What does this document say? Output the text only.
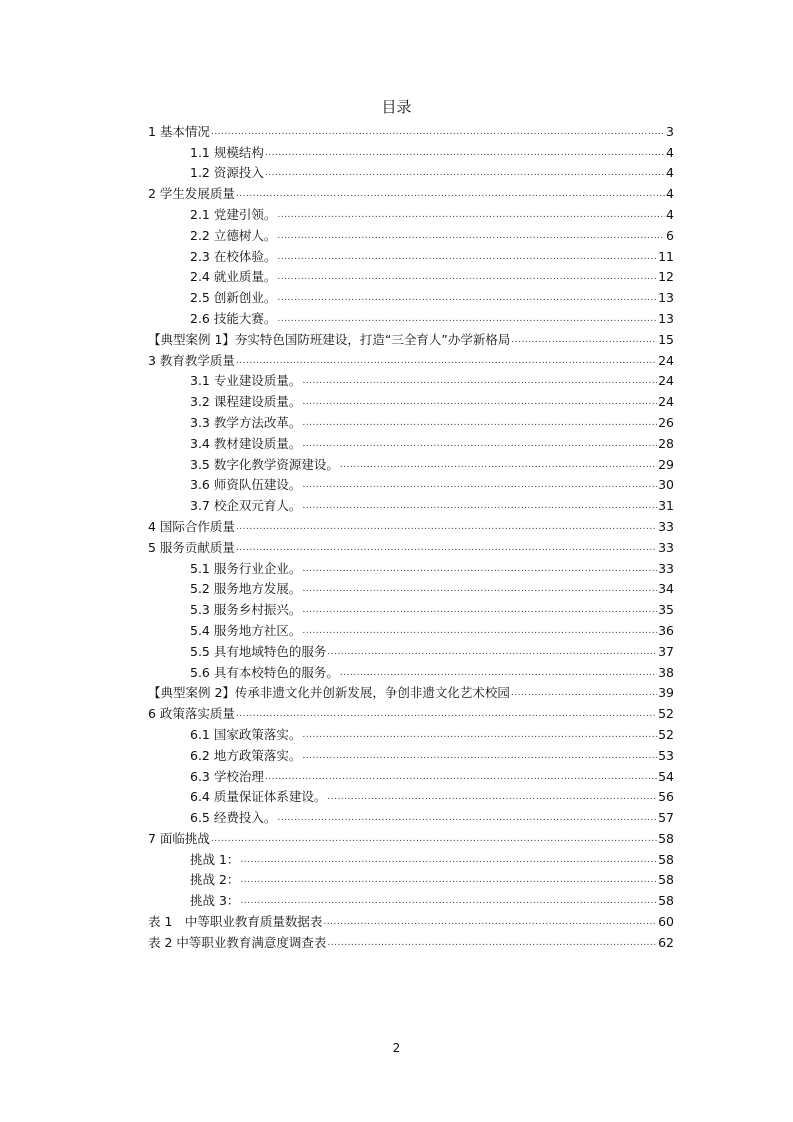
目录
1 基本情况 .....	3
1.1 规模结构 .....	4
1.2 资源投入 .....	4
2 学生发展质量 .....	4
2.1 党建引领。 .....	4
2.2 立德树人。 .....	6
2.3 在校体验。 .....	11
2.4 就业质量。 .....	12
2.5 创新创业。 .....	13
2.6 技能大赛。 .....	13
【典型案例 1】夯实特色国防班建设，打造“三全育人”办学新格局 .....	15
3 教育教学质量 .....	24
3.1 专业建设质量。 .....	24
3.2 课程建设质量。 .....	24
3.3 教学方法改革。 .....	26
3.4 教材建设质量。 .....	28
3.5 数字化教学资源建设。 .....	29
3.6 师资队伍建设。 .....	30
3.7 校企双元育人。 .....	31
4 国际合作质量 .....	33
5 服务贡献质量 .....	33
5.1 服务行业企业。 .....	33
5.2 服务地方发展。 .....	34
5.3 服务乡村振兴。 .....	35
5.4 服务地方社区。 .....	36
5.5 具有地域特色的服务 .....	37
5.6 具有本校特色的服务。 .....	38
【典型案例 2】传承非遗文化并创新发展，争创非遗文化艺术校园 .....	39
6 政策落实质量 .....	52
6.1 国家政策落实。 .....	52
6.2 地方政策落实。 .....	53
6.3 学校治理 .....	54
6.4 质量保证体系建设。 .....	56
6.5 经费投入。 .....	57
7 面临挑战 .....	58
挑战 1： .....	58
挑战 2： .....	58
挑战 3： .....	58
表 1　中等职业教育质量数据表 .....	60
表 2 中等职业教育满意度调查表 .....	62
2
